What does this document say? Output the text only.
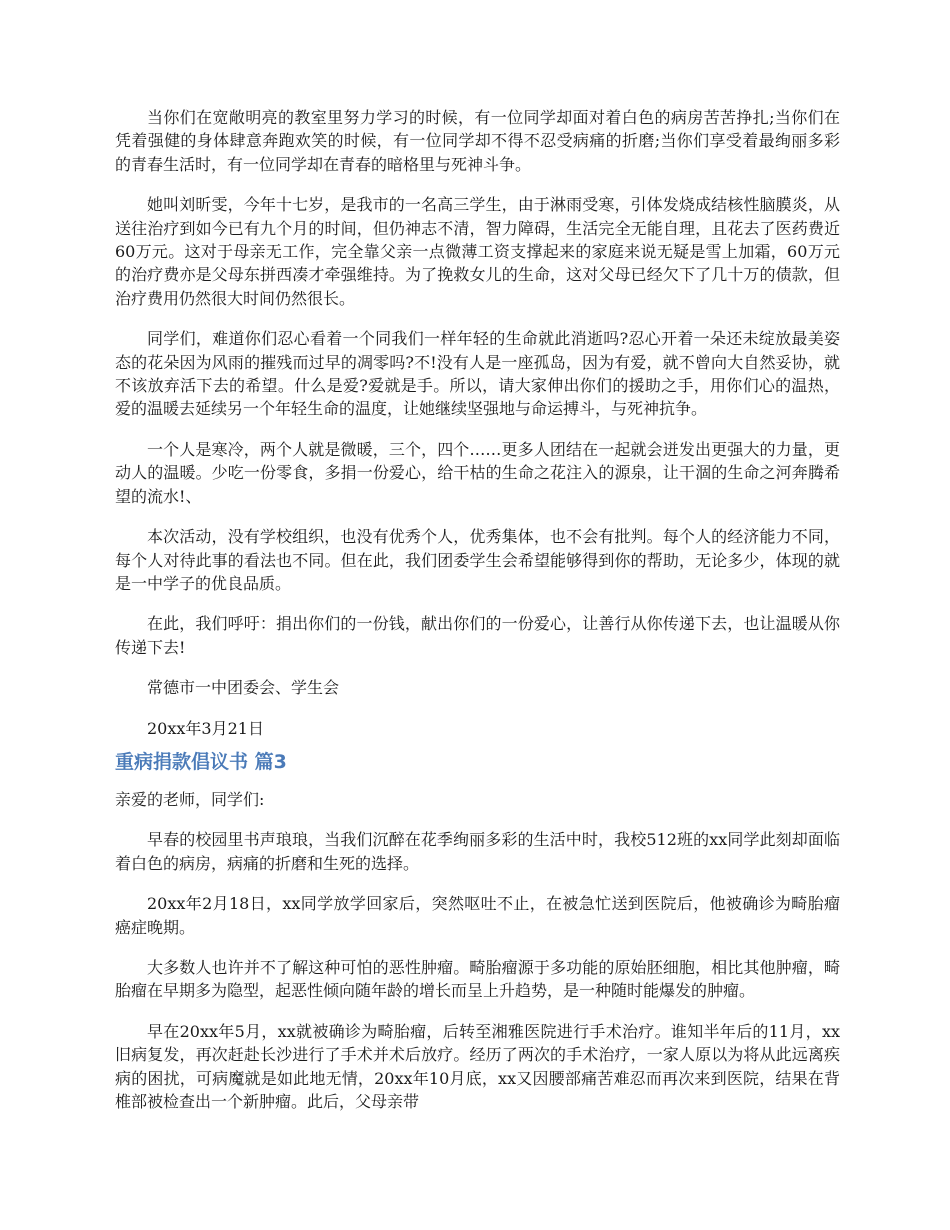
当你们在宽敞明亮的教室里努力学习的时候，有一位同学却面对着白色的病房苦苦挣扎;当你们在凭着强健的身体肆意奔跑欢笑的时候，有一位同学却不得不忍受病痛的折磨;当你们享受着最绚丽多彩的青春生活时，有一位同学却在青春的暗格里与死神斗争。

她叫刘昕雯，今年十七岁，是我市的一名高三学生，由于淋雨受寒，引体发烧成结核性脑膜炎，从送往治疗到如今已有九个月的时间，但仍神志不清，智力障碍，生活完全无能自理，且花去了医药费近60万元。这对于母亲无工作，完全靠父亲一点微薄工资支撑起来的家庭来说无疑是雪上加霜，60万元的治疗费亦是父母东拼西凑才牵强维持。为了挽救女儿的生命，这对父母已经欠下了几十万的债款，但治疗费用仍然很大时间仍然很长。

同学们，难道你们忍心看着一个同我们一样年轻的生命就此消逝吗?忍心开着一朵还未绽放最美姿态的花朵因为风雨的摧残而过早的凋零吗?不!没有人是一座孤岛，因为有爱，就不曾向大自然妥协，就不该放弃活下去的希望。什么是爱?爱就是手。所以，请大家伸出你们的援助之手，用你们心的温热，爱的温暖去延续另一个年轻生命的温度，让她继续坚强地与命运搏斗，与死神抗争。

一个人是寒冷，两个人就是微暖，三个，四个……更多人团结在一起就会迸发出更强大的力量，更动人的温暖。少吃一份零食，多捐一份爱心，给干枯的生命之花注入的源泉，让干涸的生命之河奔腾希望的流水!、

本次活动，没有学校组织，也没有优秀个人，优秀集体，也不会有批判。每个人的经济能力不同，每个人对待此事的看法也不同。但在此，我们团委学生会希望能够得到你的帮助，无论多少，体现的就是一中学子的优良品质。

在此，我们呼吁：捐出你们的一份钱，献出你们的一份爱心，让善行从你传递下去，也让温暖从你传递下去!

常德市一中团委会、学生会

20xx年3月21日

重病捐款倡议书 篇3

亲爱的老师，同学们:

早春的校园里书声琅琅，当我们沉醉在花季绚丽多彩的生活中时，我校512班的xx同学此刻却面临着白色的病房，病痛的折磨和生死的选择。

20xx年2月18日，xx同学放学回家后，突然呕吐不止，在被急忙送到医院后，他被确诊为畸胎瘤癌症晚期。

大多数人也许并不了解这种可怕的恶性肿瘤。畸胎瘤源于多功能的原始胚细胞，相比其他肿瘤，畸胎瘤在早期多为隐型，起恶性倾向随年龄的增长而呈上升趋势，是一种随时能爆发的肿瘤。

早在20xx年5月，xx就被确诊为畸胎瘤，后转至湘雅医院进行手术治疗。谁知半年后的11月，xx旧病复发，再次赶赴长沙进行了手术并术后放疗。经历了两次的手术治疗，一家人原以为将从此远离疾病的困扰，可病魔就是如此地无情，20xx年10月底，xx又因腰部痛苦难忍而再次来到医院，结果在背椎部被检查出一个新肿瘤。此后，父母亲带
